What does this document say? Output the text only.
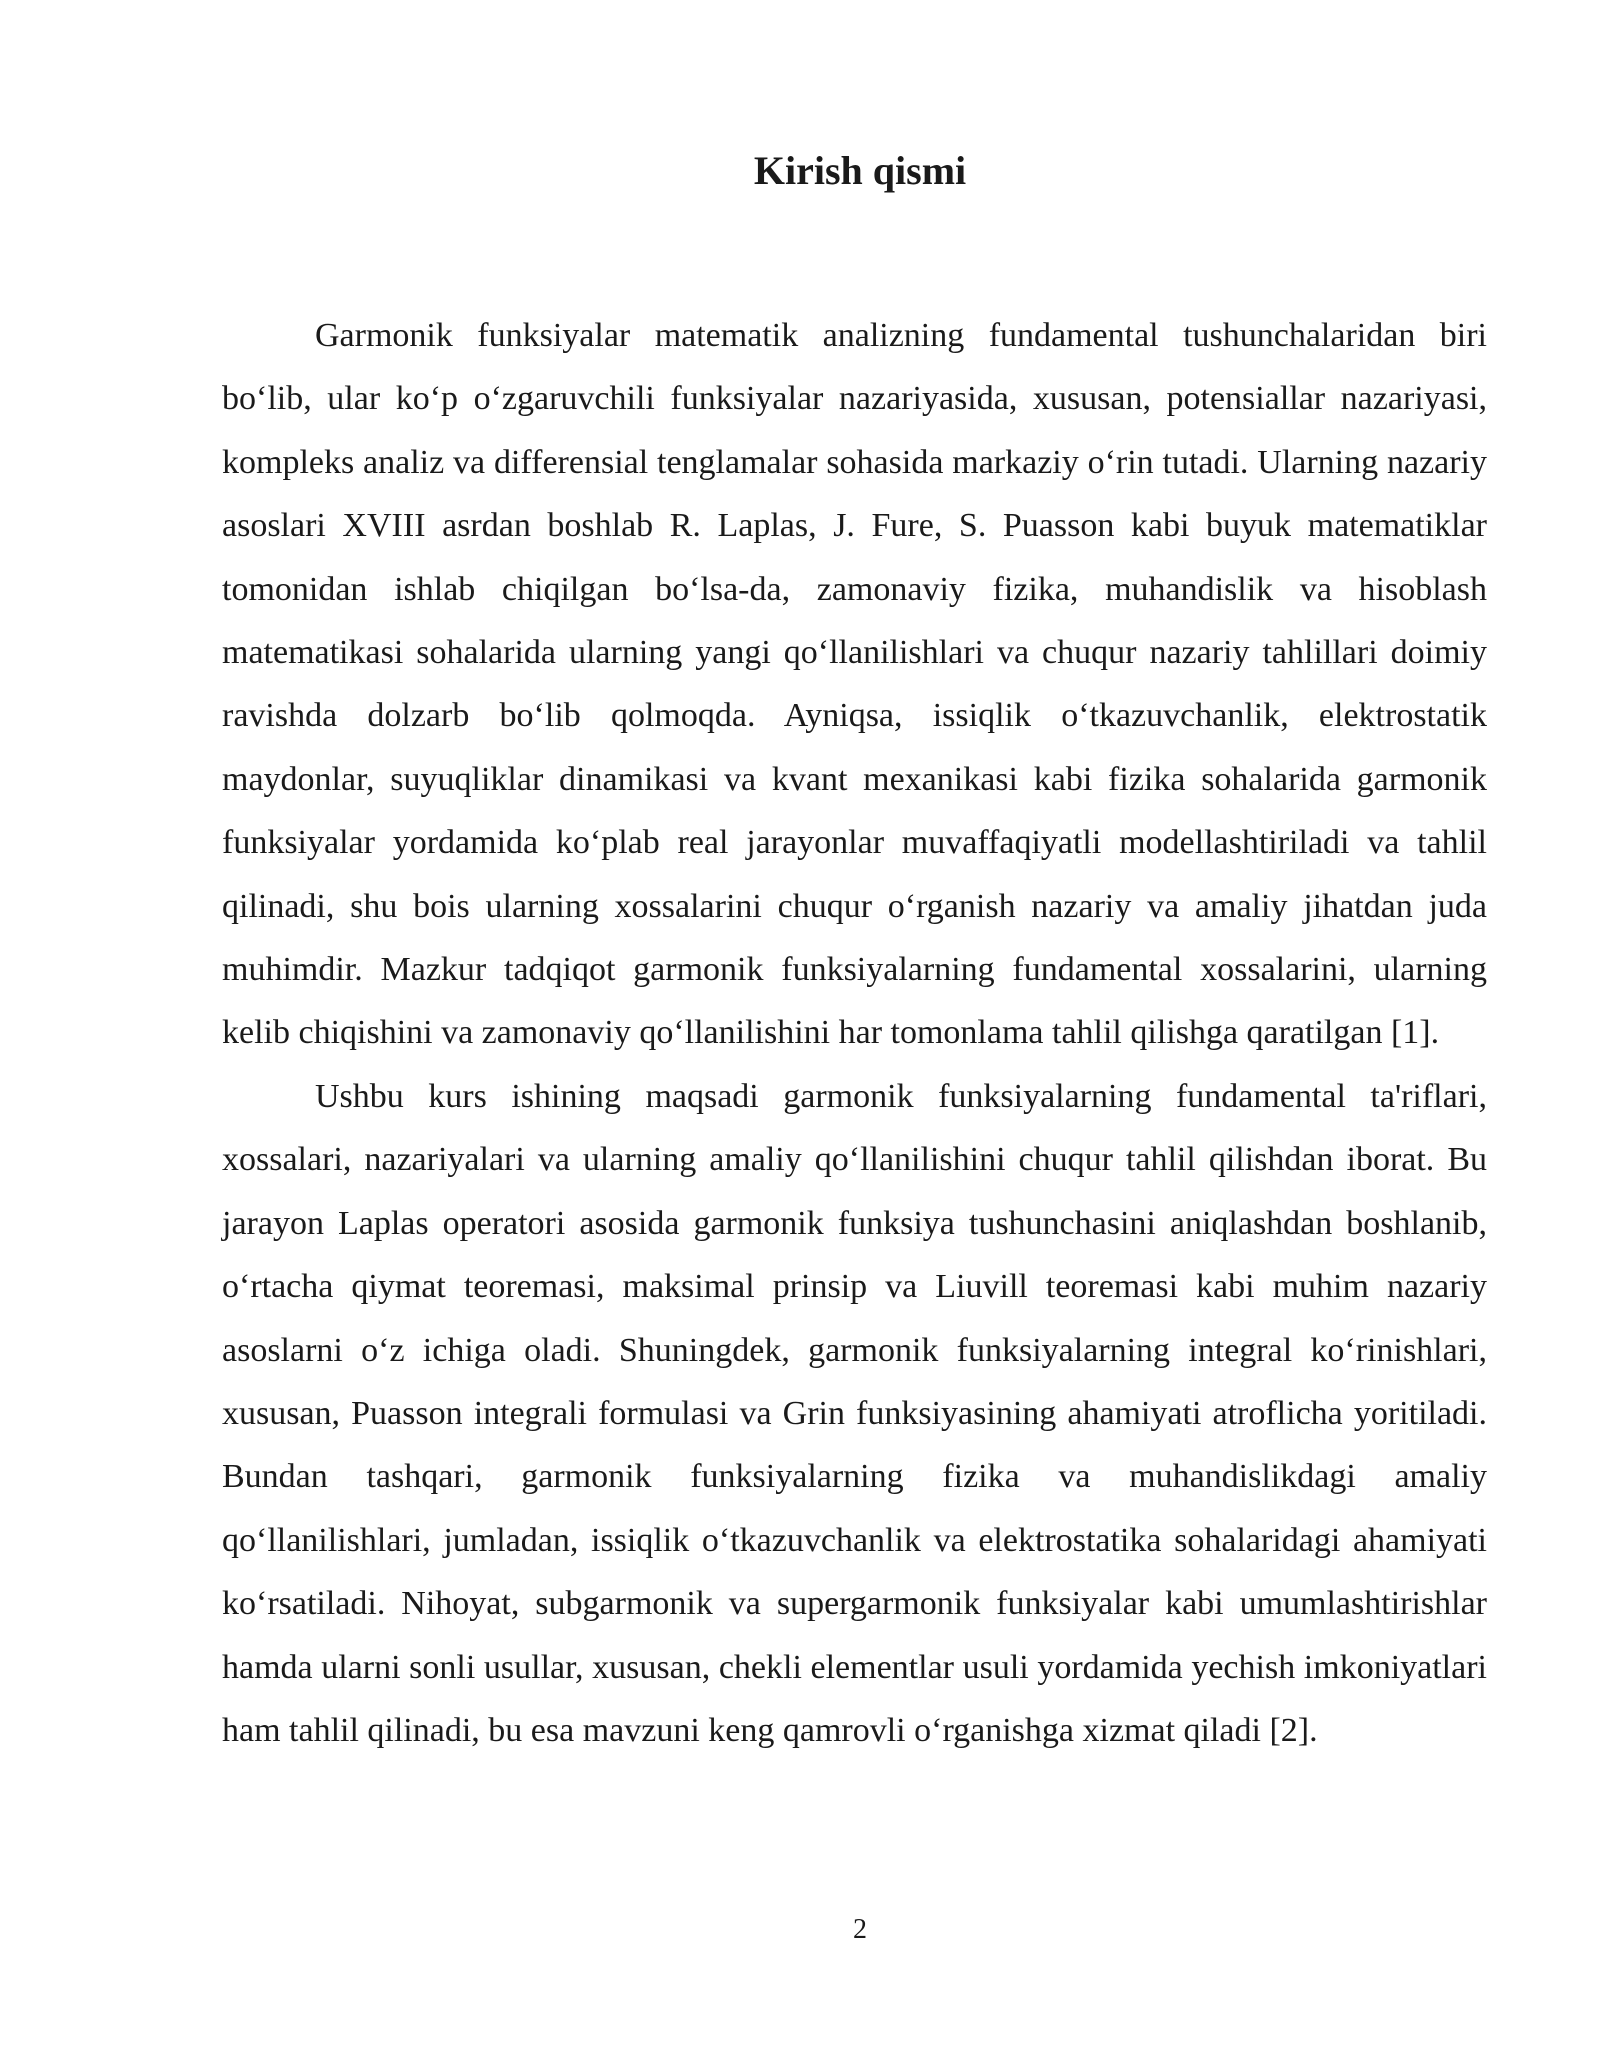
Kirish qismi

Garmonik funksiyalar matematik analizning fundamental tushunchalaridan biri bo‘lib, ular ko‘p o‘zgaruvchili funksiyalar nazariyasida, xususan, potensiallar nazariyasi, kompleks analiz va differensial tenglamalar sohasida markaziy o‘rin tutadi. Ularning nazariy asoslari XVIII asrdan boshlab R. Laplas, J. Fure, S. Puasson kabi buyuk matematiklar tomonidan ishlab chiqilgan bo‘lsa-da, zamonaviy fizika, muhandislik va hisoblash matematikasi sohalarida ularning yangi qo‘llanilishlari va chuqur nazariy tahlillari doimiy ravishda dolzarb bo‘lib qolmoqda. Ayniqsa, issiqlik o‘tkazuvchanlik, elektrostatik maydonlar, suyuqliklar dinamikasi va kvant mexanikasi kabi fizika sohalarida garmonik funksiyalar yordamida ko‘plab real jarayonlar muvaffaqiyatli modellashtiriladi va tahlil qilinadi, shu bois ularning xossalarini chuqur o‘rganish nazariy va amaliy jihatdan juda muhimdir. Mazkur tadqiqot garmonik funksiyalarning fundamental xossalarini, ularning kelib chiqishini va zamonaviy qo‘llanilishini har tomonlama tahlil qilishga qaratilgan [1].

Ushbu kurs ishining maqsadi garmonik funksiyalarning fundamental ta'riflari, xossalari, nazariyalari va ularning amaliy qo‘llanilishini chuqur tahlil qilishdan iborat. Bu jarayon Laplas operatori asosida garmonik funksiya tushunchasini aniqlashdan boshlanib, o‘rtacha qiymat teoremasi, maksimal prinsip va Liuvill teoremasi kabi muhim nazariy asoslarni o‘z ichiga oladi. Shuningdek, garmonik funksiyalarning integral ko‘rinishlari, xususan, Puasson integrali formulasi va Grin funksiyasining ahamiyati atroflicha yoritiladi. Bundan tashqari, garmonik funksiyalarning fizika va muhandislikdagi amaliy qo‘llanilishlari, jumladan, issiqlik o‘tkazuvchanlik va elektrostatika sohalaridagi ahamiyati ko‘rsatiladi. Nihoyat, subgarmonik va supergarmonik funksiyalar kabi umumlashtirishlar hamda ularni sonli usullar, xususan, chekli elementlar usuli yordamida yechish imkoniyatlari ham tahlil qilinadi, bu esa mavzuni keng qamrovli o‘rganishga xizmat qiladi [2].

2
